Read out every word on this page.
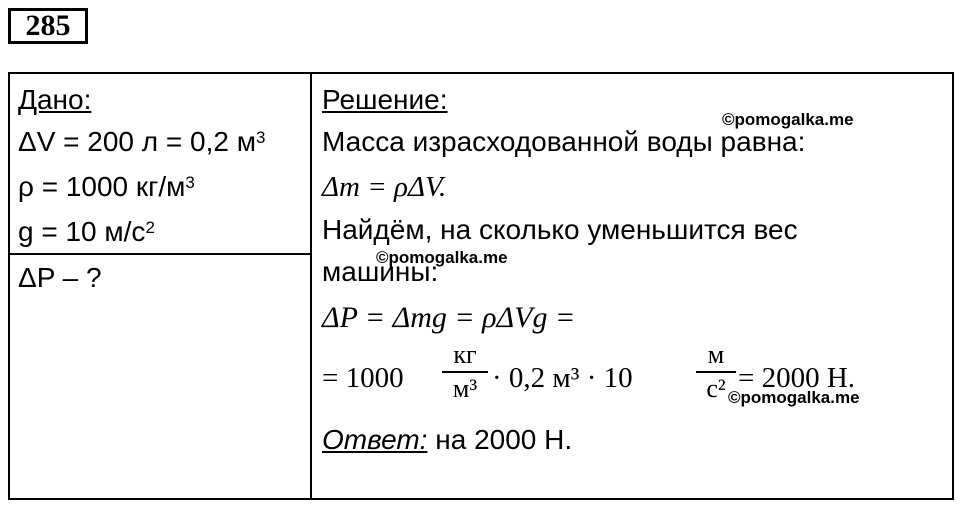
285
Дано:
ΔV = 200 л = 0,2 $м^3$
ρ = 1000 $кг/м^3$
g = 10 $м/с^2$
ΔP – ?
Решение:
Масса израсходованной воды равна:
Δm = ρΔV.
Найдём, на сколько уменьшится вес
машины:
ΔP = Δmg = ρΔVg =
= 1000
кг
м³ · 0,2 м³ · 10
м
с² = 2000 Н.
Ответ: на 2000 Н.
©pomogalka.me
©pomogalka.me
©pomogalka.me
